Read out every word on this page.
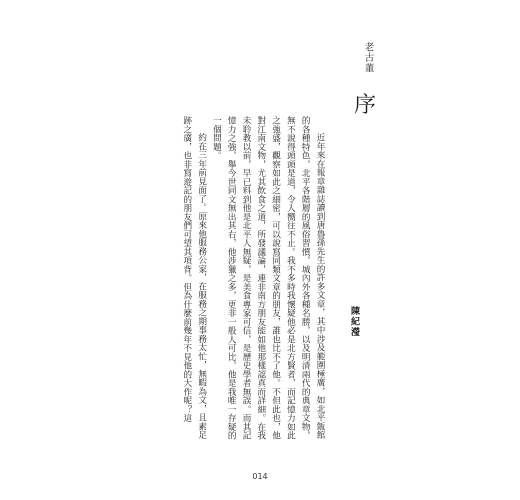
老古董
序

近年來在報章雜誌讀到唐魯孫先生的許多文章，其中涉及範圍極廣，如北平飯館的各種特色，北平各階層的風俗習慣，城內外各種名勝，以及明清兩代的典章文物，無不說得頭頭是道，令人嚮往不止。我不多時我懷疑他必是北方賢者，而記憶力如此之強盛，觀察如此之細密，可以說寫同類文章的朋友，誰也比不了他。不但此也，他對江南文物，尤其飲食之道，所發議論，連非南方朋友能如他那樣認真而詳細。在我未聆教以前，早已料到他是北平人無疑，是美食專家可信，是歷史學者無誤。而其記憶力之強，舉今世同文無出其右，他涉獵之多，更非一般人可比，他是我唯一存疑的一個問題。

約在三年前見面了。原來他服務公家，在服務之期事務太忙，無暇為文，且素足跡之廣，也非寫遊記的朋友們可望其項背。但為什麼前幾年不見他的大作呢？這	陳紀瀅
014
